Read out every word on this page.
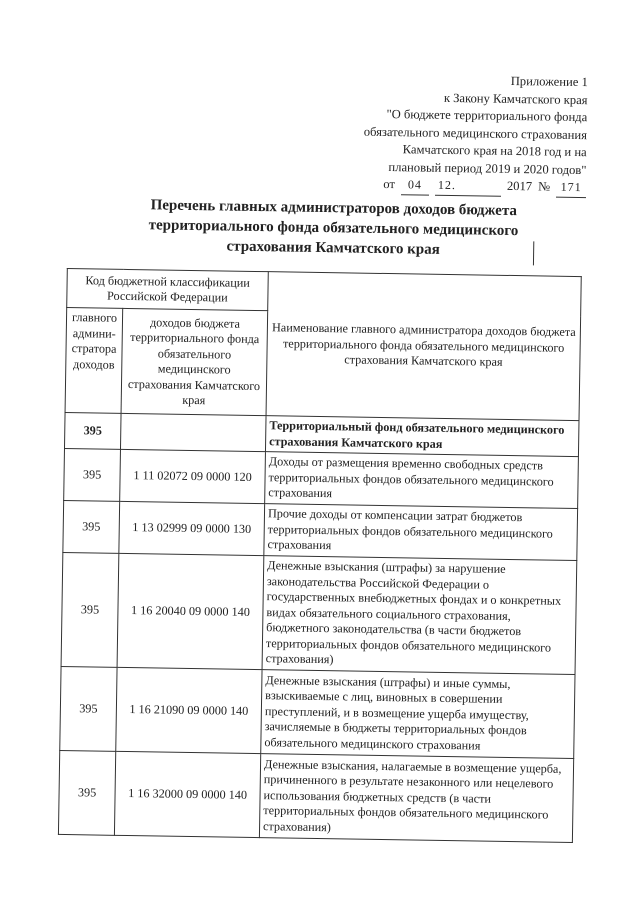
Приложение 1
к Закону Камчатского края
"О бюджете территориального фонда
обязательного медицинского страхования
Камчатского края на 2018 год и на
плановый период 2019 и 2020 годов"
от	04	12.	2017 № 171
Перечень главных администраторов доходов бюджета
территориального фонда обязательного медицинского
страхования Камчатского края
Код бюджетной классификации Российской Федерации		Наименование главного администратора доходов бюджета территориального фонда обязательного медицинского страхования Камчатского края
главного админи-стратора доходов	доходов бюджета территориального фонда обязательного медицинского страхования Камчатского края	
395		Территориальный фонд обязательного медицинского страхования Камчатского края
395	1 11 02072 09 0000 120	Доходы от размещения временно свободных средств территориальных фондов обязательного медицинского страхования
395	1 13 02999 09 0000 130	Прочие доходы от компенсации затрат бюджетов территориальных фондов обязательного медицинского страхования
395	1 16 20040 09 0000 140	Денежные взыскания (штрафы) за нарушение законодательства Российской Федерации о государственных внебюджетных фондах и о конкретных видах обязательного социального страхования, бюджетного законодательства (в части бюджетов территориальных фондов обязательного медицинского страхования)
395	1 16 21090 09 0000 140	Денежные взыскания (штрафы) и иные суммы, взыскиваемые с лиц, виновных в совершении преступлений, и в возмещение ущерба имуществу, зачисляемые в бюджеты территориальных фондов обязательного медицинского страхования
395	1 16 32000 09 0000 140	Денежные взыскания, налагаемые в возмещение ущерба, причиненного в результате незаконного или нецелевого использования бюджетных средств (в части территориальных фондов обязательного медицинского страхования)
